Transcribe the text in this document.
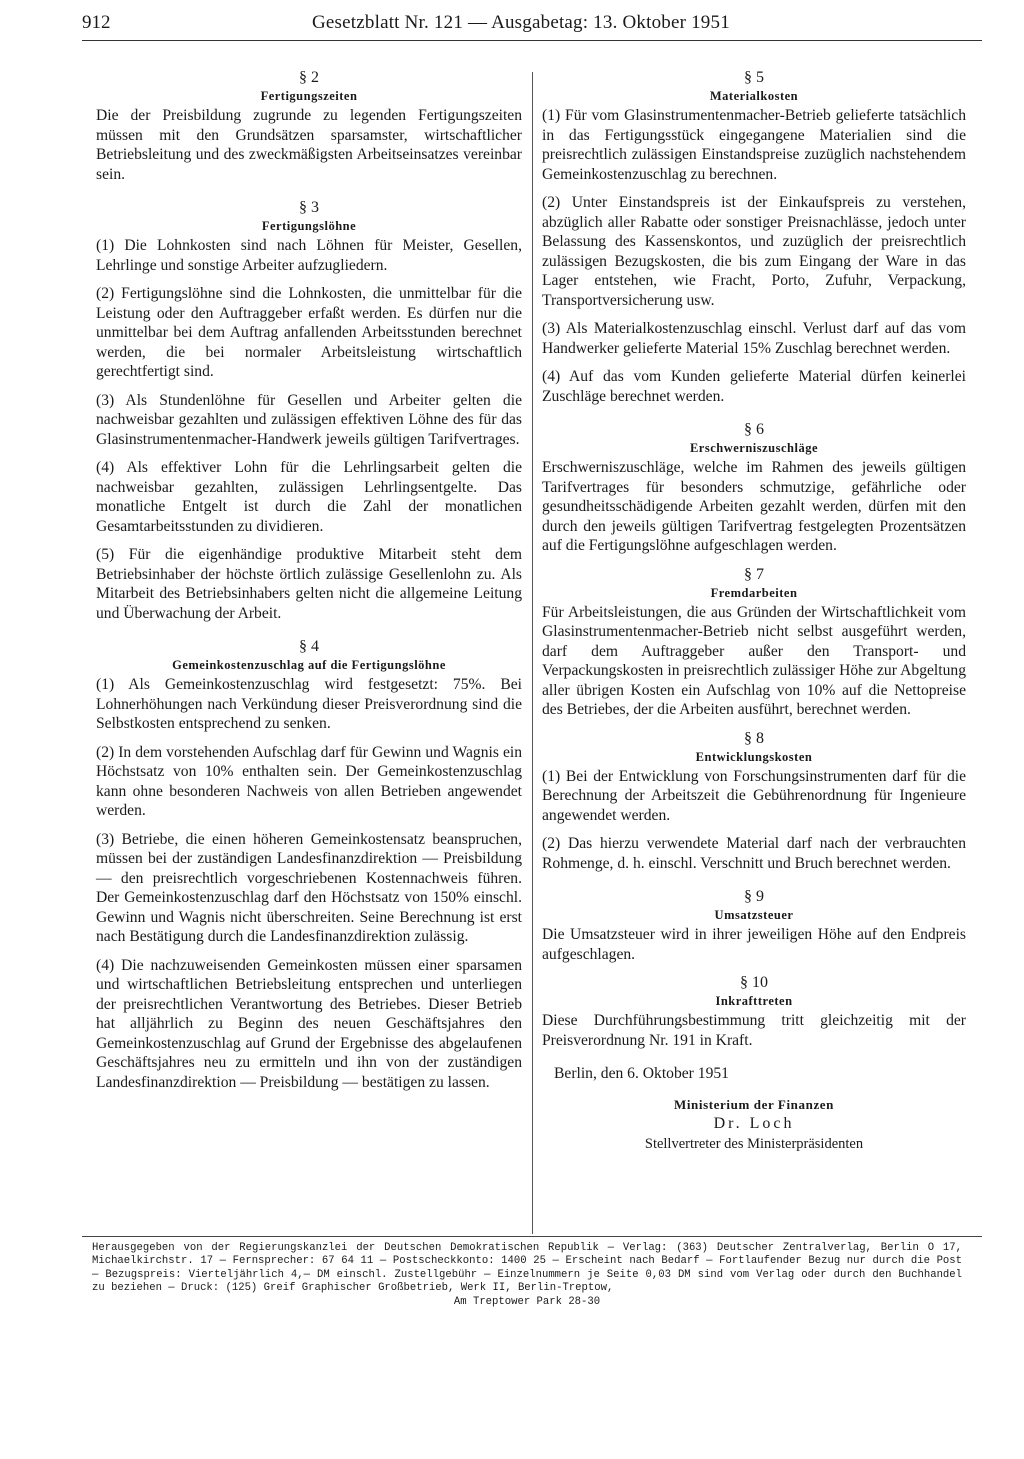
912	Gesetzblatt Nr. 121 — Ausgabetag: 13. Oktober 1951
§ 2
Fertigungszeiten

Die der Preisbildung zugrunde zu legenden Fertigungszeiten müssen mit den Grundsätzen sparsamster, wirtschaftlicher Betriebsleitung und des zweckmäßigsten Arbeitseinsatzes vereinbar sein.

§ 3
Fertigungslöhne

(1) Die Lohnkosten sind nach Löhnen für Meister, Gesellen, Lehrlinge und sonstige Arbeiter aufzugliedern.

(2) Fertigungslöhne sind die Lohnkosten, die unmittelbar für die Leistung oder den Auftraggeber erfaßt werden. Es dürfen nur die unmittelbar bei dem Auftrag anfallenden Arbeitsstunden berechnet werden, die bei normaler Arbeitsleistung wirtschaftlich gerechtfertigt sind.

(3) Als Stundenlöhne für Gesellen und Arbeiter gelten die nachweisbar gezahlten und zulässigen effektiven Löhne des für das Glasinstrumentenmacher-Handwerk jeweils gültigen Tarifvertrages.

(4) Als effektiver Lohn für die Lehrlingsarbeit gelten die nachweisbar gezahlten, zulässigen Lehrlingsentgelte. Das monatliche Entgelt ist durch die Zahl der monatlichen Gesamtarbeitsstunden zu dividieren.

(5) Für die eigenhändige produktive Mitarbeit steht dem Betriebsinhaber der höchste örtlich zulässige Gesellenlohn zu. Als Mitarbeit des Betriebsinhabers gelten nicht die allgemeine Leitung und Überwachung der Arbeit.

§ 4
Gemeinkostenzuschlag auf die Fertigungslöhne

(1) Als Gemeinkostenzuschlag wird festgesetzt: 75%. Bei Lohnerhöhungen nach Verkündung dieser Preisverordnung sind die Selbstkosten entsprechend zu senken.

(2) In dem vorstehenden Aufschlag darf für Gewinn und Wagnis ein Höchstsatz von 10% enthalten sein. Der Gemeinkostenzuschlag kann ohne besonderen Nachweis von allen Betrieben angewendet werden.

(3) Betriebe, die einen höheren Gemeinkostensatz beanspruchen, müssen bei der zuständigen Landesfinanzdirektion — Preisbildung — den preisrechtlich vorgeschriebenen Kostennachweis führen. Der Gemeinkostenzuschlag darf den Höchstsatz von 150% einschl. Gewinn und Wagnis nicht überschreiten. Seine Berechnung ist erst nach Bestätigung durch die Landesfinanzdirektion zulässig.

(4) Die nachzuweisenden Gemeinkosten müssen einer sparsamen und wirtschaftlichen Betriebsleitung entsprechen und unterliegen der preisrechtlichen Verantwortung des Betriebes. Dieser Betrieb hat alljährlich zu Beginn des neuen Geschäftsjahres den Gemeinkostenzuschlag auf Grund der Ergebnisse des abgelaufenen Geschäftsjahres neu zu ermitteln und ihn von der zuständigen Landesfinanzdirektion — Preisbildung — bestätigen zu lassen.

§ 5
Materialkosten

(1) Für vom Glasinstrumentenmacher-Betrieb gelieferte tatsächlich in das Fertigungsstück eingegangene Materialien sind die preisrechtlich zulässigen Einstandspreise zuzüglich nachstehendem Gemeinkostenzuschlag zu berechnen.

(2) Unter Einstandspreis ist der Einkaufspreis zu verstehen, abzüglich aller Rabatte oder sonstiger Preisnachlässe, jedoch unter Belassung des Kassenskontos, und zuzüglich der preisrechtlich zulässigen Bezugskosten, die bis zum Eingang der Ware in das Lager entstehen, wie Fracht, Porto, Zufuhr, Verpackung, Transportversicherung usw.

(3) Als Materialkostenzuschlag einschl. Verlust darf auf das vom Handwerker gelieferte Material 15% Zuschlag berechnet werden.

(4) Auf das vom Kunden gelieferte Material dürfen keinerlei Zuschläge berechnet werden.

§ 6
Erschwerniszuschläge

Erschwerniszuschläge, welche im Rahmen des jeweils gültigen Tarifvertrages für besonders schmutzige, gefährliche oder gesundheitsschädigende Arbeiten gezahlt werden, dürfen mit den durch den jeweils gültigen Tarifvertrag festgelegten Prozentsätzen auf die Fertigungslöhne aufgeschlagen werden.

§ 7
Fremdarbeiten

Für Arbeitsleistungen, die aus Gründen der Wirtschaftlichkeit vom Glasinstrumentenmacher-Betrieb nicht selbst ausgeführt werden, darf dem Auftraggeber außer den Transport- und Verpackungskosten in preisrechtlich zulässiger Höhe zur Abgeltung aller übrigen Kosten ein Aufschlag von 10% auf die Nettopreise des Betriebes, der die Arbeiten ausführt, berechnet werden.

§ 8
Entwicklungskosten

(1) Bei der Entwicklung von Forschungsinstrumenten darf für die Berechnung der Arbeitszeit die Gebührenordnung für Ingenieure angewendet werden.

(2) Das hierzu verwendete Material darf nach der verbrauchten Rohmenge, d. h. einschl. Verschnitt und Bruch berechnet werden.

§ 9
Umsatzsteuer

Die Umsatzsteuer wird in ihrer jeweiligen Höhe auf den Endpreis aufgeschlagen.

§ 10
Inkrafttreten

Diese Durchführungsbestimmung tritt gleichzeitig mit der Preisverordnung Nr. 191 in Kraft.

Berlin, den 6. Oktober 1951
Ministerium der Finanzen
Dr. Loch
Stellvertreter des Ministerpräsidenten
Herausgegeben von der Regierungskanzlei der Deutschen Demokratischen Republik — Verlag: (363) Deutscher Zentralverlag, Berlin O 17, Michaelkirchstr. 17 — Fernsprecher: 67 64 11 — Postscheckkonto: 1400 25 — Erscheint nach Bedarf — Fortlaufender Bezug nur durch die Post — Bezugspreis: Vierteljährlich 4,— DM einschl. Zustellgebühr — Einzelnummern je Seite 0,03 DM sind vom Verlag oder durch den Buchhandel zu beziehen — Druck: (125) Greif Graphischer Großbetrieb, Werk II, Berlin-Treptow,
Am Treptower Park 28-30
